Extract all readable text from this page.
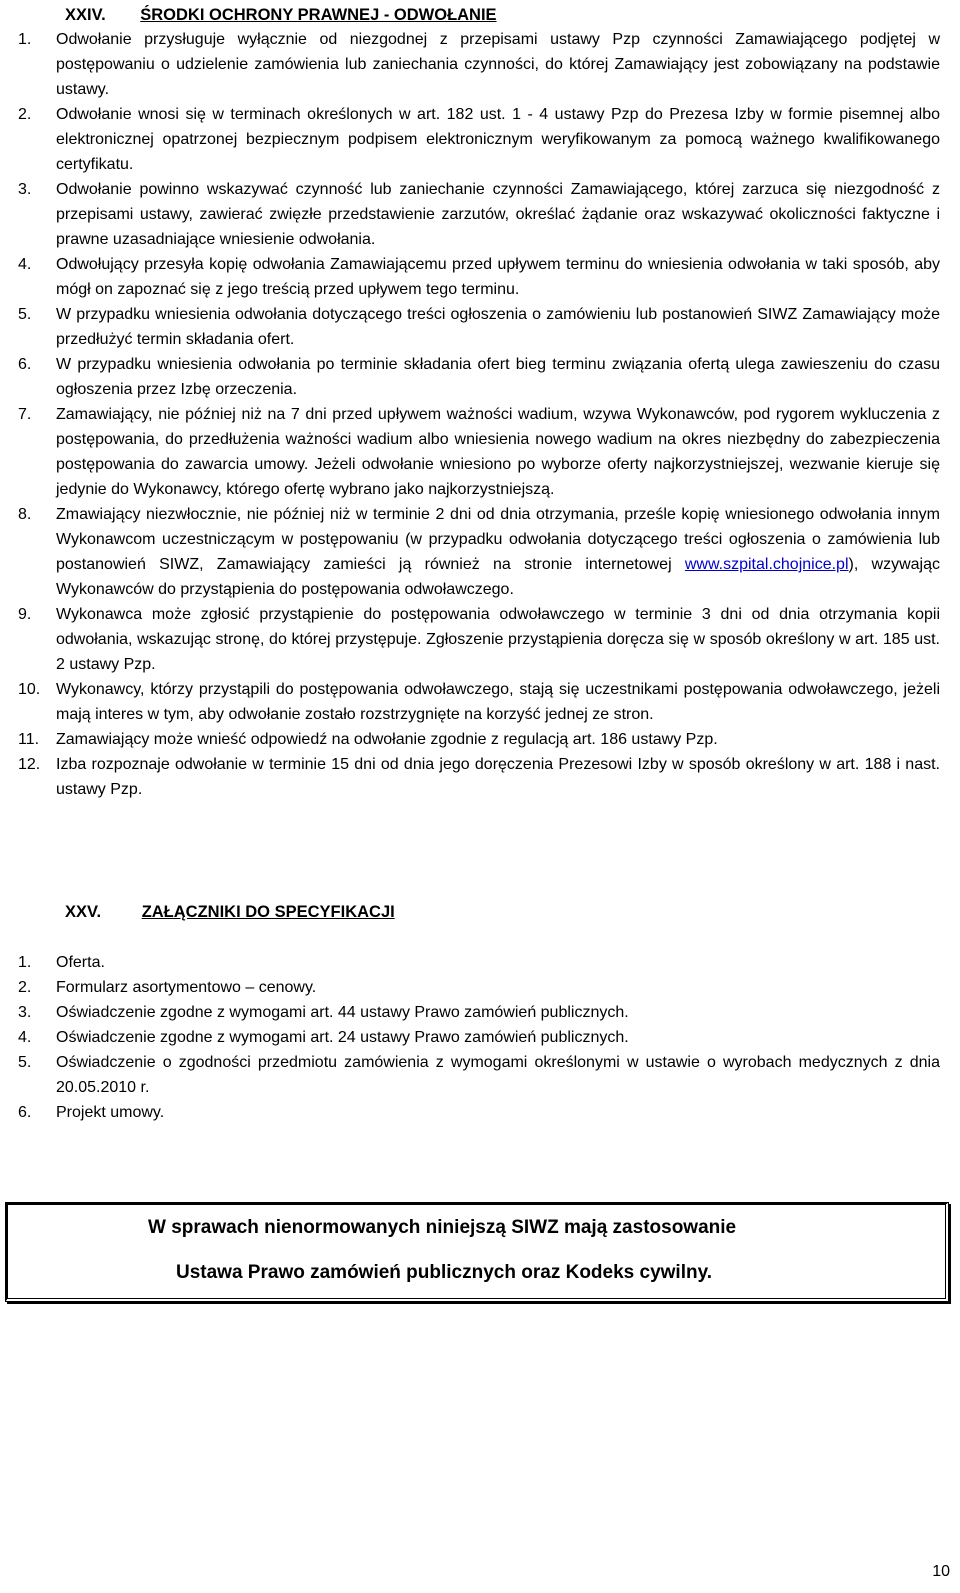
XXIV. ŚRODKI OCHRONY PRAWNEJ - ODWOŁANIE
1. Odwołanie przysługuje wyłącznie od niezgodnej z przepisami ustawy Pzp czynności Zamawiającego podjętej w postępowaniu o udzielenie zamówienia lub zaniechania czynności, do której Zamawiający jest zobowiązany na podstawie ustawy.
2. Odwołanie wnosi się w terminach określonych w art. 182 ust. 1 - 4 ustawy Pzp do Prezesa Izby w formie pisemnej albo elektronicznej opatrzonej bezpiecznym podpisem elektronicznym weryfikowanym za pomocą ważnego kwalifikowanego certyfikatu.
3. Odwołanie powinno wskazywać czynność lub zaniechanie czynności Zamawiającego, której zarzuca się niezgodność z przepisami ustawy, zawierać zwięzłe przedstawienie zarzutów, określać żądanie oraz wskazywać okoliczności faktyczne i prawne uzasadniające wniesienie odwołania.
4. Odwołujący przesyła kopię odwołania Zamawiającemu przed upływem terminu do wniesienia odwołania w taki sposób, aby mógł on zapoznać się z jego treścią przed upływem tego terminu.
5. W przypadku wniesienia odwołania dotyczącego treści ogłoszenia o zamówieniu lub postanowień SIWZ Zamawiający może przedłużyć termin składania ofert.
6. W przypadku wniesienia odwołania po terminie składania ofert bieg terminu związania ofertą ulega zawieszeniu do czasu ogłoszenia przez Izbę orzeczenia.
7. Zamawiający, nie później niż na 7 dni przed upływem ważności wadium, wzywa Wykonawców, pod rygorem wykluczenia z postępowania, do przedłużenia ważności wadium albo wniesienia nowego wadium na okres niezbędny do zabezpieczenia postępowania do zawarcia umowy. Jeżeli odwołanie wniesiono po wyborze oferty najkorzystniejszej, wezwanie kieruje się jedynie do Wykonawcy, którego ofertę wybrano jako najkorzystniejszą.
8. Zmawiający niezwłocznie, nie później niż w terminie 2 dni od dnia otrzymania, prześle kopię wniesionego odwołania innym Wykonawcom uczestniczącym w postępowaniu (w przypadku odwołania dotyczącego treści ogłoszenia o zamówienia lub postanowień SIWZ, Zamawiający zamieści ją również na stronie internetowej www.szpital.chojnice.pl), wzywając Wykonawców do przystąpienia do postępowania odwoławczego.
9. Wykonawca może zgłosić przystąpienie do postępowania odwoławczego w terminie 3 dni od dnia otrzymania kopii odwołania, wskazując stronę, do której przystępuje. Zgłoszenie przystąpienia doręcza się w sposób określony w art. 185 ust. 2 ustawy Pzp.
10. Wykonawcy, którzy przystąpili do postępowania odwoławczego, stają się uczestnikami postępowania odwoławczego, jeżeli mają interes w tym, aby odwołanie zostało rozstrzygnięte na korzyść jednej ze stron.
11. Zamawiający może wnieść odpowiedź na odwołanie zgodnie z regulacją art. 186 ustawy Pzp.
12. Izba rozpoznaje odwołanie w terminie 15 dni od dnia jego doręczenia Prezesowi Izby w sposób określony w art. 188 i nast. ustawy Pzp.
XXV. ZAŁĄCZNIKI DO SPECYFIKACJI
1. Oferta.
2. Formularz asortymentowo – cenowy.
3. Oświadczenie zgodne z wymogami art. 44 ustawy Prawo zamówień publicznych.
4. Oświadczenie zgodne z wymogami art. 24 ustawy Prawo zamówień publicznych.
5. Oświadczenie o zgodności przedmiotu zamówienia z wymogami określonymi w ustawie o wyrobach medycznych z dnia 20.05.2010 r.
6. Projekt umowy.
W sprawach nienormowanych niniejszą SIWZ mają zastosowanie
Ustawa Prawo zamówień publicznych oraz Kodeks cywilny.
10
